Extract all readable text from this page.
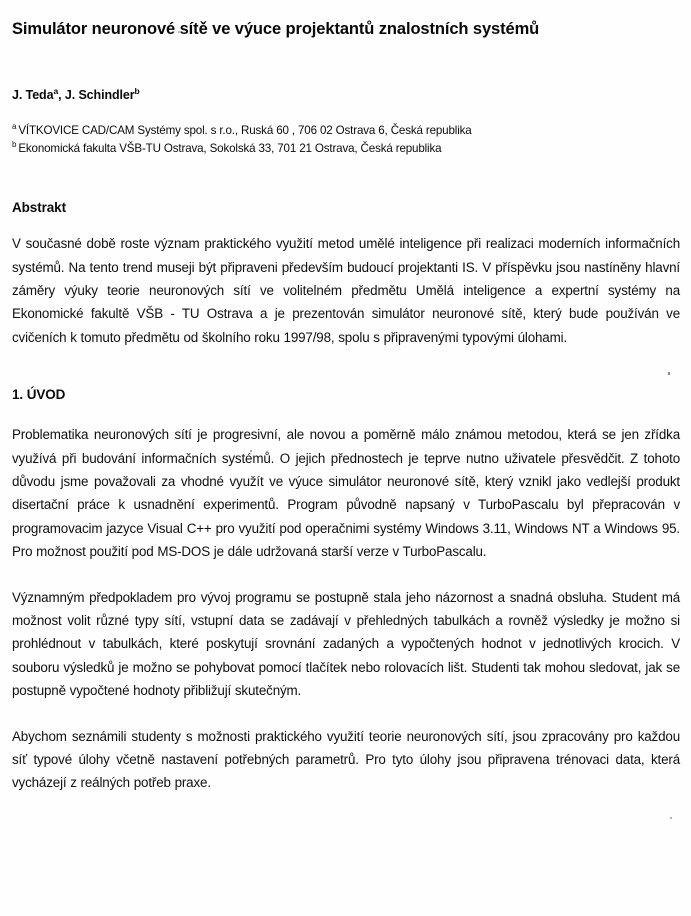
Simulátor neuronové sítě ve výuce projektantů znalostních systémů
J. Teda$^a$, J. Schindler$^b$
$^a$ VÍTKOVICE CAD/CAM Systémy spol. s r.o., Ruská 60 , 706 02 Ostrava 6, Česká republika
$^b$ Ekonomická fakulta VŠB-TU Ostrava, Sokolská 33, 701 21 Ostrava, Česká republika
Abstrakt

V současné době roste význam praktického využití metod umělé inteligence při realizaci moderních informačních systémů. Na tento trend museji být připraveni především budoucí projektanti IS. V příspěvku jsou nastíněny hlavní záměry výuky teorie neuronových sítí ve volitelném předmětu Umělá inteligence a expertní systémy na Ekonomické fakultě VŠB - TU Ostrava a je prezentován simulátor neuronové sítě, který bude používán ve cvičeních k tomuto předmětu od školního roku 1997/98, spolu s připravenými typovými úlohami.

1. ÚVOD

Problematika neuronových sítí je progresivní, ale novou a poměrně málo známou metodou, která se jen zřídka využívá při budování informačních systémů. O jejich přednostech je teprve nutno uživatele přesvědčit. Z tohoto důvodu jsme považovali za vhodné využít ve výuce simulátor neuronové sítě, který vznikl jako vedlejší produkt disertační práce k usnadnění experimentů. Program původně napsaný v TurboPascalu byl přepracován v programovacim jazyce Visual C++ pro využití pod operačnimi systémy Windows 3.11, Windows NT a Windows 95. Pro možnost použití pod MS-DOS je dále udržovaná starší verze v TurboPascalu.

Významným předpokladem pro vývoj programu se postupně stala jeho názornost a snadná obsluha. Student má možnost volit různé typy sítí, vstupní data se zadávají v přehledných tabulkách a rovněž výsledky je možno si prohlédnout v tabulkách, které poskytují srovnání zadaných a vypočtených hodnot v jednotlivých krocich. V souboru výsledků je možno se pohybovat pomocí tlačítek nebo rolovacích lišt. Studenti tak mohou sledovat, jak se postupně vypočtené hodnoty přibližují skutečným.

Abychom seznámili studenty s možnosti praktického využití teorie neuronových sítí, jsou zpracovány pro každou síť typové úlohy včetně nastavení potřebných parametrů. Pro tyto úlohy jsou připravena trénovaci data, která vycházejí z reálných potřeb praxe.
